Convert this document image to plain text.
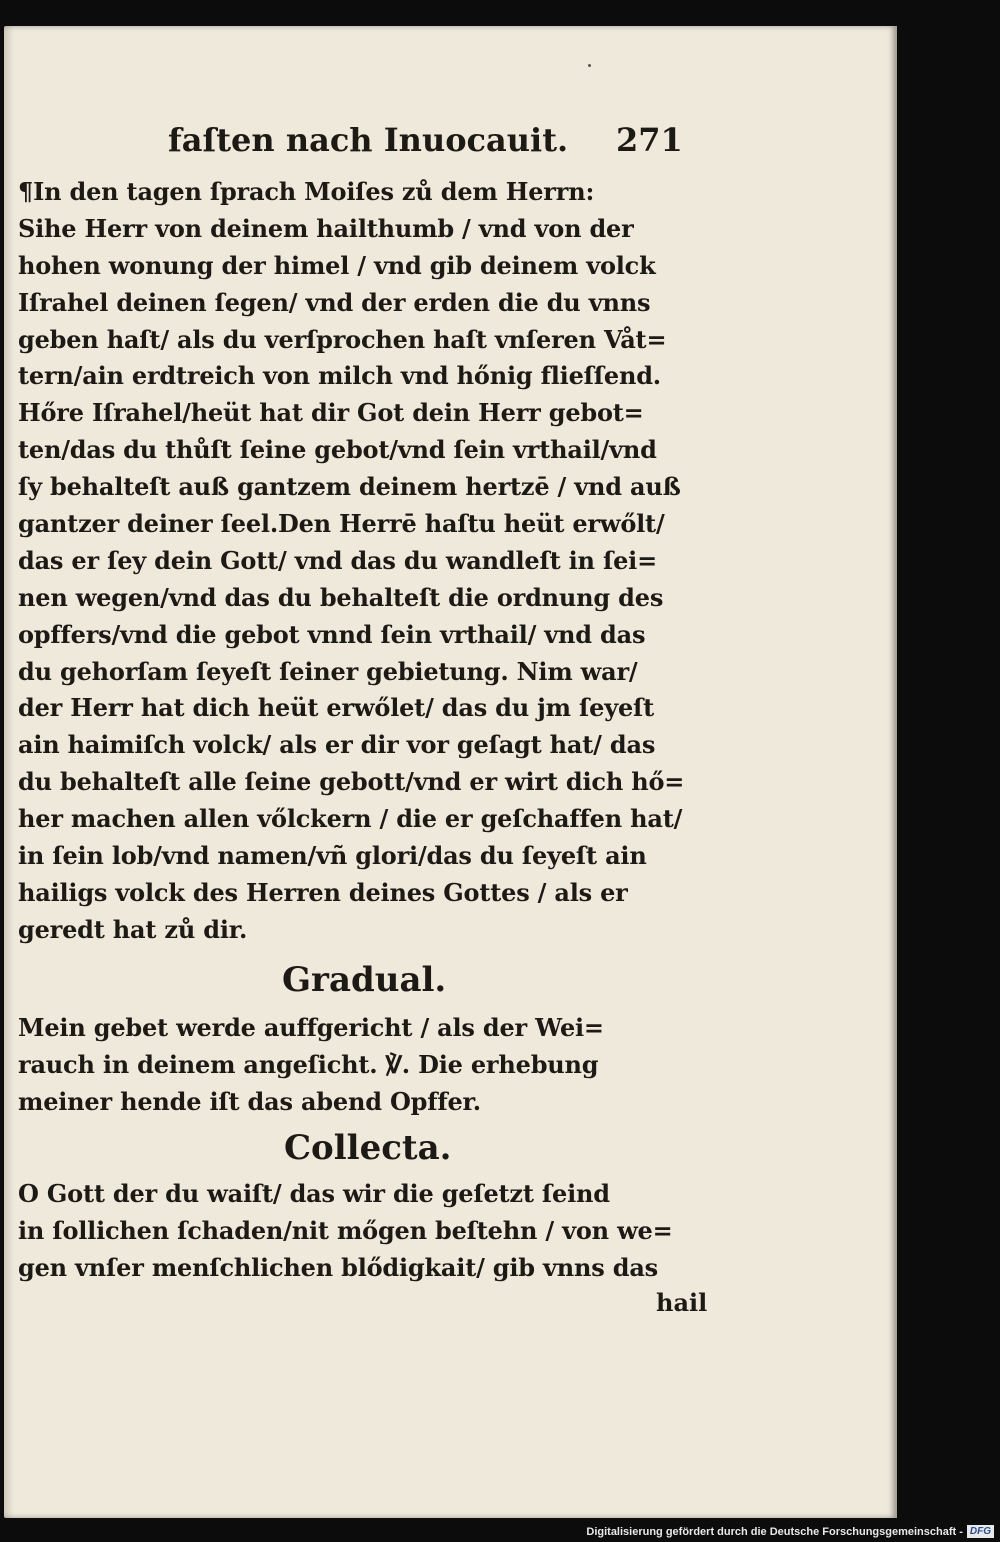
faſten nach Inuocauit. 271
¶In den tagen ſprach Moiſes zů dem Herrn:
Sihe Herr von deinem hailthumb / vnd von der
hohen wonung der himel / vnd gib deinem volck
Iſrahel deinen ſegen/ vnd der erden die du vnns
geben haſt/ als du verſprochen haſt vnſeren Våt=
tern/ain erdtreich von milch vnd hőnig flieſſend.
Hőre Iſrahel/heüt hat dir Got dein Herr gebot=
ten/das du thůſt ſeine gebot/vnd ſein vrthail/vnd
ſy behalteſt auß gantzem deinem hertzē / vnd auß
gantzer deiner ſeel.Den Herrē haſtu heüt erwőlt/
das er ſey dein Gott/ vnd das du wandleſt in ſei=
nen wegen/vnd das du behalteſt die ordnung des
opffers/vnd die gebot vnnd ſein vrthail/ vnd das
du gehorſam ſeyeſt ſeiner gebietung. Nim war/
der Herr hat dich heüt erwőlet/ das du jm ſeyeſt
ain haimiſch volck/ als er dir vor geſagt hat/ das
du behalteſt alle ſeine gebott/vnd er wirt dich hő=
her machen allen vőlckern / die er geſchaffen hat/
in ſein lob/vnd namen/vñ glori/das du ſeyeſt ain
hailigs volck des Herren deines Gottes / als er
geredt hat zů dir.
Gradual.
Mein gebet werde auffgericht / als der Wei=
rauch in deinem angeſicht. ℣. Die erhebung
meiner hende iſt das abend Opffer.
Collecta.
O Gott der du waiſt/ das wir die geſetzt ſeind
in ſollichen ſchaden/nit mőgen beſtehn / von we=
gen vnſer menſchlichen blődigkait/ gib vnns das
hail
Digitalisierung gefördert durch die Deutsche Forschungsgemeinschaft - DFG
